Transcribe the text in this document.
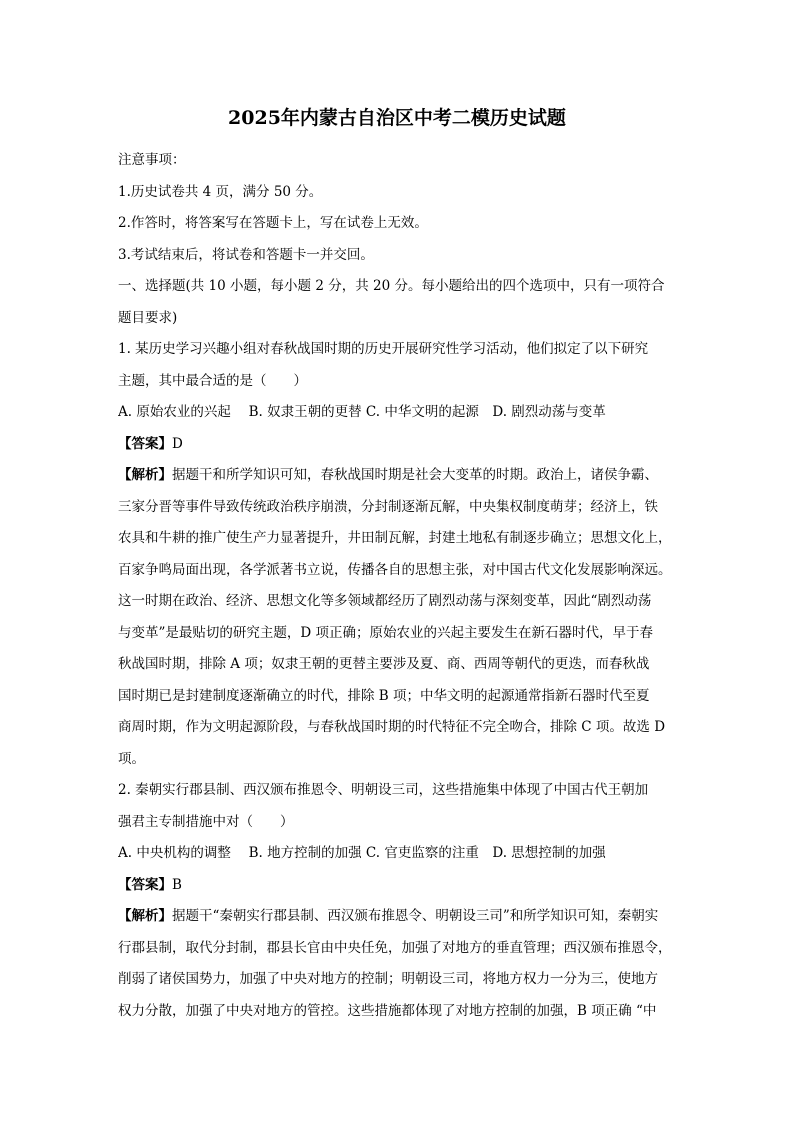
2025年内蒙古自治区中考二模历史试题
注意事项：
1.历史试卷共 4 页，满分 50 分。
2.作答时，将答案写在答题卡上，写在试卷上无效。
3.考试结束后，将试卷和答题卡一并交回。
一、选择题(共 10 小题，每小题 2 分，共 20 分。每小题给出的四个选项中，只有一项符合
题目要求)
1. 某历史学习兴趣小组对春秋战国时期的历史开展研究性学习活动，他们拟定了以下研究
主题，其中最合适的是（　　）
A. 原始农业的兴起　 B. 奴隶王朝的更替 C. 中华文明的起源　D. 剧烈动荡与变革
【答案】D
【解析】据题干和所学知识可知，春秋战国时期是社会大变革的时期。政治上，诸侯争霸、
三家分晋等事件导致传统政治秩序崩溃，分封制逐渐瓦解，中央集权制度萌芽；经济上，铁
农具和牛耕的推广使生产力显著提升，井田制瓦解，封建土地私有制逐步确立；思想文化上，
百家争鸣局面出现，各学派著书立说，传播各自的思想主张，对中国古代文化发展影响深远。
这一时期在政治、经济、思想文化等多领域都经历了剧烈动荡与深刻变革，因此“剧烈动荡
与变革”是最贴切的研究主题，D 项正确；原始农业的兴起主要发生在新石器时代，早于春
秋战国时期，排除 A 项；奴隶王朝的更替主要涉及夏、商、西周等朝代的更迭，而春秋战
国时期已是封建制度逐渐确立的时代，排除 B 项；中华文明的起源通常指新石器时代至夏
商周时期，作为文明起源阶段，与春秋战国时期的时代特征不完全吻合，排除 C 项。故选 D
项。
2. 秦朝实行郡县制、西汉颁布推恩令、明朝设三司，这些措施集中体现了中国古代王朝加
强君主专制措施中对（　　）
A. 中央机构的调整　 B. 地方控制的加强 C. 官吏监察的注重　D. 思想控制的加强
【答案】B
【解析】据题干“秦朝实行郡县制、西汉颁布推恩令、明朝设三司”和所学知识可知，秦朝实
行郡县制，取代分封制，郡县长官由中央任免，加强了对地方的垂直管理；西汉颁布推恩令，
削弱了诸侯国势力，加强了中央对地方的控制；明朝设三司，将地方权力一分为三，使地方
权力分散，加强了中央对地方的管控。这些措施都体现了对地方控制的加强，B 项正确 “中
